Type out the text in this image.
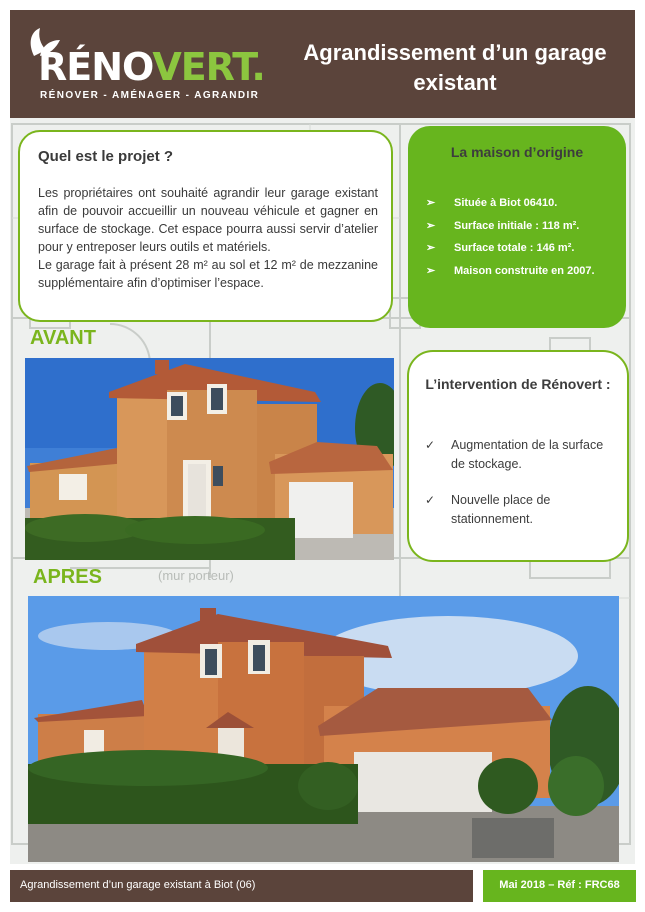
(mur porteur)
RÉNOVERT.
RÉNOVER - AMÉNAGER - AGRANDIR
Agrandissement d’un garage existant
Quel est le projet ?

Les propriétaires ont souhaité agrandir leur garage existant afin de pouvoir accueillir un nouveau véhicule et gagner en surface de stockage. Cet espace pourra aussi servir d’atelier pour y entreposer leurs outils et matériels.
Le garage fait à présent 28 m² au sol et 12 m² de mezzanine supplémentaire afin d’optimiser l’espace.

La maison d’origine
➢ Située à Biot 06410.
➢ Surface initiale : 118 m².
➢ Surface totale : 146 m².
➢ Maison construite en 2007.
L’intervention de Rénovert :
✓ Augmentation de la surface de stockage.
✓ Nouvelle place de stationnement.
AVANT
APRES
Agrandissement d’un garage existant à Biot (06)	Mai 2018 – Réf : FRC68
